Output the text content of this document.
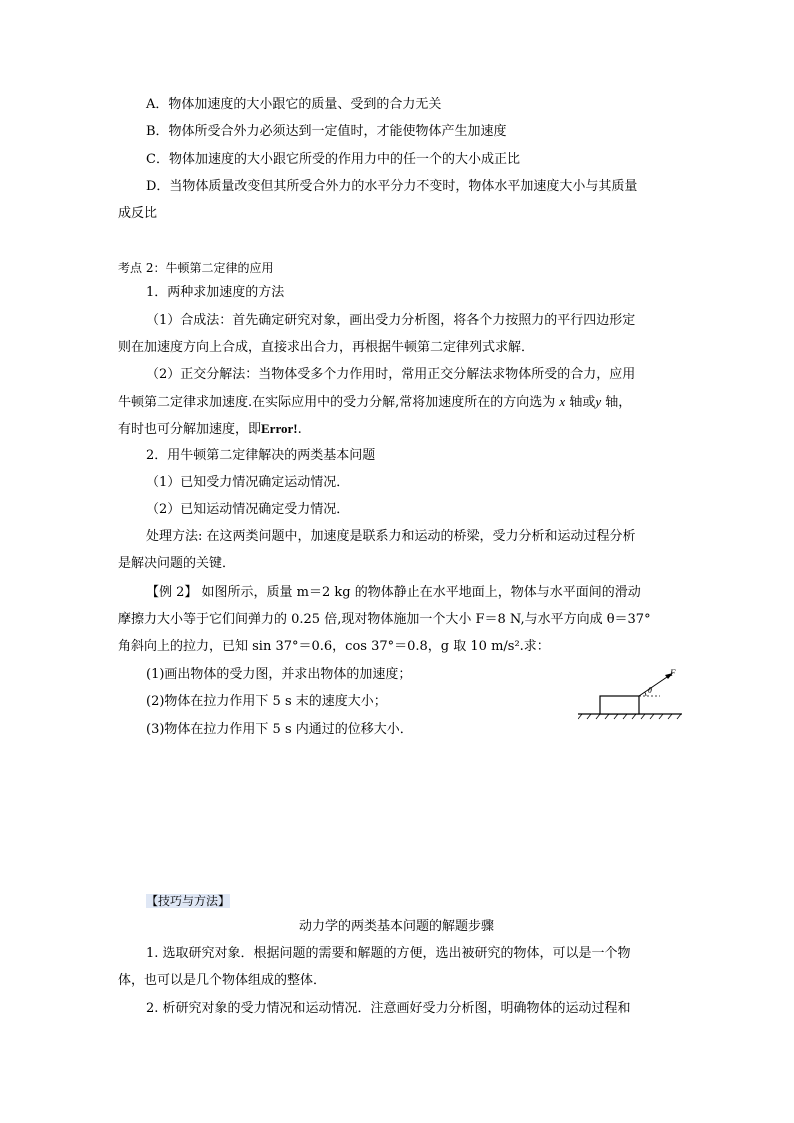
A．物体加速度的大小跟它的质量、受到的合力无关
B．物体所受合外力必须达到一定值时，才能使物体产生加速度
C．物体加速度的大小跟它所受的作用力中的任一个的大小成正比
D．当物体质量改变但其所受合外力的水平分力不变时，物体水平加速度大小与其质量
成反比
考点 2：牛顿第二定律的应用
1．两种求加速度的方法
（1）合成法：首先确定研究对象，画出受力分析图，将各个力按照力的平行四边形定
则在加速度方向上合成，直接求出合力，再根据牛顿第二定律列式求解．
（2）正交分解法：当物体受多个力作用时，常用正交分解法求物体所受的合力，应用
牛顿第二定律求加速度.在实际应用中的受力分解,常将加速度所在的方向选为 x 轴或y 轴，
有时也可分解加速度，即Error!.
2．用牛顿第二定律解决的两类基本问题
（1）已知受力情况确定运动情况．
（2）已知运动情况确定受力情况．
处理方法: 在这两类问题中，加速度是联系力和运动的桥梁，受力分析和运动过程分析
是解决问题的关键．
【例 2】 如图所示，质量 m＝2 kg 的物体静止在水平地面上，物体与水平面间的滑动
摩擦力大小等于它们间弹力的 0.25 倍,现对物体施加一个大小 F＝8 N,与水平方向成 θ＝37°
角斜向上的拉力，已知 sin 37°＝0.6，cos 37°＝0.8，g 取 10 m/s².求：
(1)画出物体的受力图，并求出物体的加速度；
(2)物体在拉力作用下 5 s 末的速度大小；
(3)物体在拉力作用下 5 s 内通过的位移大小．
F
θ
【技巧与方法】
动力学的两类基本问题的解题步骤
1. 选取研究对象．根据问题的需要和解题的方便，选出被研究的物体，可以是一个物
体，也可以是几个物体组成的整体．
2. 析研究对象的受力情况和运动情况．注意画好受力分析图，明确物体的运动过程和
